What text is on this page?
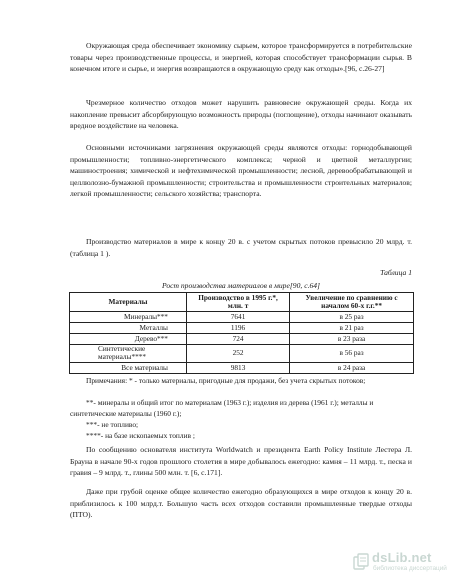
Окружающая среда обеспечивает экономику сырьем, которое трансформируется в потребительские товары через производственные процессы, и энергией, которая способствует трансформации сырья. В конечном итоге и сырье, и энергия возвращаются в окружающую среду как отходы».[96, с.26-27]

Чрезмерное количество отходов может нарушить равновесие окружающей среды. Когда их накопление превысит абсорбирующую возможность природы (поглощение), отходы начинают оказывать вредное воздействие на человека.

Основными источниками загрязнения окружающей среды являются отходы: горнодобывающей промышленности; топливно-энергетического комплекса; черной и цветной металлургии; машиностроения; химической и нефтехимической промышленности; лесной, деревообрабатывающей и целлюлозно-бумажной промышленности; строительства и промышленности строительных материалов; легкой промышленности; сельского хозяйства; транспорта.

Производство материалов в мире к концу 20 в. с учетом скрытых потоков превысило 20 млрд. т. (таблица 1 ).

Таблица 1
Рост производства материалов в мире[90, с.64]
Материалы	Производство в 1995 г.*, млн. т	Увеличение по сравнению с началом 60-х г.г.**
Минералы***	7641	в 25 раз
Металлы	1196	в 21 раз
Дерево***	724	в 23 раза
Синтетические материалы****	252	в 56 раз
Все материалы	9813	в 24 раза

Примечания: * - только материалы, пригодные для продажи, без учета скрытых потоков;

**- минералы и общий итог по материалам (1963 г.); изделия из дерева (1961 г.); металлы и синтетические материалы (1960 г.);

***- не топливо;

****- на базе ископаемых топлив ;

По сообщению основателя института Worldwatch и президента Earth Policy Institute Лестера Л. Брауна в начале 90-х годов прошлого столетия в мире добывалось ежегодно: камня – 11 млрд. т., песка и гравия – 9 млрд. т., глины 500 млн. т. [6, с.171].

Даже при грубой оценке общее количество ежегодно образующихся в мире отходов к концу 20 в. приблизилось к 100 млрд.т. Большую часть всех отходов составили промышленные твердые отходы (ПТО).

dsLib.net
библиотека диссертаций
